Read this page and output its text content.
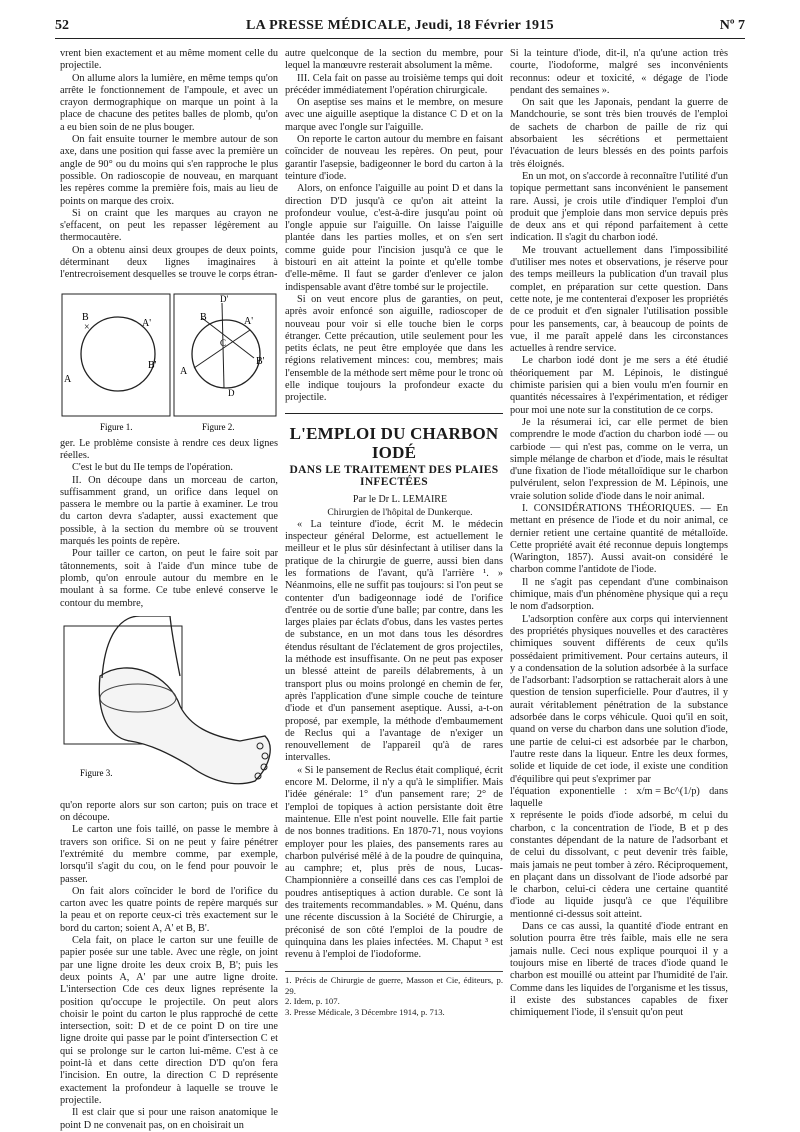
52	LA PRESSE MÉDICALE, Jeudi, 18 Février 1915	Nº 7

vrent bien exactement et au même moment celle du projectile.

On allume alors la lumière, en même temps qu'on arrête le fonctionnement de l'ampoule, et avec un crayon dermographique on marque un point à la place de chacune des petites balles de plomb, qu'on a eu bien soin de ne plus bouger.

On fait ensuite tourner le membre autour de son axe, dans une position qui fasse avec la première un angle de 90° ou du moins qui s'en rapproche le plus possible. On radioscopie de nouveau, en marquant les repères comme la première fois, mais au lieu de points on marque des croix.

Si on craint que les marques au crayon ne s'effacent, on peut les repasser légèrement au thermocautère.

On a obtenu ainsi deux groupes de deux points, déterminant deux lignes imaginaires à l'entrecroisement desquelles se trouve le corps étran-

B
×	A'
A
B'
B
D'
A'
C
B'
A
D
Figure 1.	Figure 2.

ger. Le problème consiste à rendre ces deux lignes réelles.

C'est le but du IIe temps de l'opération.

II. On découpe dans un morceau de carton, suffisamment grand, un orifice dans lequel on passera le membre ou la partie à examiner. Le trou du carton devra s'adapter, aussi exactement que possible, à la section du membre où se trouvent marqués les points de repère.

Pour tailler ce carton, on peut le faire soit par tâtonnements, soit à l'aide d'un mince tube de plomb, qu'on enroule autour du membre en le moulant à sa forme. Ce tube enlevé conserve le contour du membre,

Figure 3.

qu'on reporte alors sur son carton; puis on trace et on découpe.

Le carton une fois taillé, on passe le membre à travers son orifice. Si on ne peut y faire pénétrer l'extrémité du membre comme, par exemple, lorsqu'il s'agit du cou, on le fend pour pouvoir le passer.

On fait alors coïncider le bord de l'orifice du carton avec les quatre points de repère marqués sur la peau et on reporte ceux-ci très exactement sur le bord du carton; soient A, A' et B, B'.

Cela fait, on place le carton sur une feuille de papier posée sur une table. Avec une règle, on joint par une ligne droite les deux croix B, B'; puis les deux points A, A' par une autre ligne droite. L'intersection Cde ces deux lignes représente la position qu'occupe le projectile. On peut alors choisir le point du carton le plus rapproché de cette intersection, soit: D et de ce point D on tire une ligne droite qui passe par le point d'intersection C et qui se prolonge sur le carton lui-même. C'est à ce point-là et dans cette direction D'D qu'on fera l'incision. En outre, la direction C D représente exactement la profondeur à laquelle se trouve le projectile.

Il est clair que si pour une raison anatomique le point D ne convenait pas, on en choisirait un

autre quelconque de la section du membre, pour lequel la manœuvre resterait absolument la même.

III. Cela fait on passe au troisième temps qui doit précéder immédiatement l'opération chirurgicale.

On aseptise ses mains et le membre, on mesure avec une aiguille aseptique la distance C D et on la marque avec l'ongle sur l'aiguille.

On reporte le carton autour du membre en faisant coïncider de nouveau les repères. On peut, pour garantir l'asepsie, badigeonner le bord du carton à la teinture d'iode.

Alors, on enfonce l'aiguille au point D et dans la direction D'D jusqu'à ce qu'on ait atteint la profondeur voulue, c'est-à-dire jusqu'au point où l'ongle appuie sur l'aiguille. On laisse l'aiguille plantée dans les parties molles, et on s'en sert comme guide pour l'incision jusqu'à ce que le bistouri en ait atteint la pointe et qu'elle tombe d'elle-même. Il faut se garder d'enlever ce jalon indispensable avant d'être tombé sur le projectile.

Si on veut encore plus de garanties, on peut, après avoir enfoncé son aiguille, radioscoper de nouveau pour voir si elle touche bien le corps étranger. Cette précaution, utile seulement pour les petits éclats, ne peut être employée que dans les régions relativement minces: cou, membres; mais l'ensemble de la méthode sert même pour le tronc où elle indique toujours la profondeur exacte du projectile.

L'EMPLOI DU CHARBON IODÉ
DANS LE TRAITEMENT DES PLAIES INFECTÉES

Par le Dr L. LEMAIRE

Chirurgien de l'hôpital de Dunkerque.

« La teinture d'iode, écrit M. le médecin inspecteur général Delorme, est actuellement le meilleur et le plus sûr désinfectant à utiliser dans la pratique de la chirurgie de guerre, aussi bien dans les formations de l'avant, qu'à l'arrière ¹. » Néanmoins, elle ne suffit pas toujours: si l'on peut se contenter d'un badigeonnage iodé de l'orifice d'entrée ou de sortie d'une balle; par contre, dans les larges plaies par éclats d'obus, dans les vastes pertes de substance, en un mot dans tous les désordres étendus résultant de l'éclatement de gros projectiles, la méthode est insuffisante. On ne peut pas exposer un blessé atteint de pareils délabrements, à un transport plus ou moins prolongé en chemin de fer, après l'application d'une simple couche de teinture d'iode et d'un pansement aseptique. Aussi, a-t-on proposé, par exemple, la méthode d'embaumement de Reclus qui a l'avantage de n'exiger un renouvellement de l'appareil qu'à de rares intervalles.

« Si le pansement de Reclus était compliqué, écrit encore M. Delorme, il n'y a qu'à le simplifier. Mais l'idée générale: 1° d'un pansement rare; 2° de l'emploi de topiques à action persistante doit être maintenue. Elle n'est point nouvelle. Elle fait partie de nos bonnes traditions. En 1870-71, nous voyions employer pour les plaies, des pansements rares au charbon pulvérisé mêlé à de la poudre de quinquina, au camphre; et, plus près de nous, Lucas-Championnière a conseillé dans ces cas l'emploi de poudres antiseptiques à action durable. Ce sont là des traitements recommandables. » M. Quénu, dans une récente discussion à la Société de Chirurgie, a préconisé de son côté l'emploi de la poudre de quinquina dans les plaies infectées. M. Chaput ³ est revenu à l'emploi de l'iodoforme.

1. Précis de Chirurgie de guerre, Masson et Cie, éditeurs, p. 29.
2. Idem, p. 107.
3. Presse Médicale, 3 Décembre 1914, p. 713.

Si la teinture d'iode, dit-il, n'a qu'une action très courte, l'iodoforme, malgré ses inconvénients reconnus: odeur et toxicité, « dégage de l'iode pendant des semaines ».

On sait que les Japonais, pendant la guerre de Mandchourie, se sont très bien trouvés de l'emploi de sachets de charbon de paille de riz qui absorbaient les sécrétions et permettaient l'évacuation de leurs blessés en des points parfois très éloignés.

En un mot, on s'accorde à reconnaître l'utilité d'un topique permettant sans inconvénient le pansement rare. Aussi, je crois utile d'indiquer l'emploi d'un produit que j'emploie dans mon service depuis près de deux ans et qui répond parfaitement à cette indication. Il s'agit du charbon iodé.

Me trouvant actuellement dans l'impossibilité d'utiliser mes notes et observations, je réserve pour des temps meilleurs la publication d'un travail plus complet, en préparation sur cette question. Dans cette note, je me contenterai d'exposer les propriétés de ce produit et d'en signaler l'utilisation possible pour les pansements, car, à beaucoup de points de vue, il me paraît appelé dans les circonstances actuelles à rendre service.

Le charbon iodé dont je me sers a été étudié théoriquement par M. Lépinois, le distingué chimiste parisien qui a bien voulu m'en fournir en quantités nécessaires à l'expérimentation, et rédiger pour moi une note sur la constitution de ce corps.

Je la résumerai ici, car elle permet de bien comprendre le mode d'action du charbon iodé — ou carbiode — qui n'est pas, comme on le verra, un simple mélange de charbon et d'iode, mais le résultat d'une fixation de l'iode métalloïdique sur le charbon pulvérulent, selon l'expression de M. Lépinois, une vraie solution solide d'iode dans le noir animal.

I. CONSIDÉRATIONS THÉORIQUES. — En mettant en présence de l'iode et du noir animal, ce dernier retient une certaine quantité de métalloïde. Cette propriété avait été reconnue depuis longtemps (Warington, 1857). Aussi avait-on considéré le charbon comme l'antidote de l'iode.

Il ne s'agit pas cependant d'une combinaison chimique, mais d'un phénomène physique qui a reçu le nom d'adsorption.

L'adsorption confère aux corps qui interviennent des propriétés physiques nouvelles et des caractères chimiques souvent différents de ceux qu'ils possédaient primitivement. Pour certains auteurs, il y a condensation de la solution adsorbée à la surface de l'adsorbant: l'adsorption se rattacherait alors à une question de tension superficielle. Pour d'autres, il y aurait véritablement pénétration de la substance adsorbée dans le corps véhicule. Quoi qu'il en soit, quand on verse du charbon dans une solution d'iode, une partie de celui-ci est adsorbée par le charbon, l'autre reste dans la liqueur. Entre les deux formes, solide et liquide de cet iode, il existe une condition d'équilibre qui peut s'exprimer par

l'équation exponentielle : x/m = Bc^(1/p) dans laquelle

x représente le poids d'iode adsorbé, m celui du charbon, c la concentration de l'iode, B et p des constantes dépendant de la nature de l'adsorbant et de celui du dissolvant, c peut devenir très faible, mais jamais ne peut tomber à zéro. Réciproquement, en plaçant dans un dissolvant de l'iode adsorbé par le charbon, celui-ci cèdera une certaine quantité d'iode au liquide jusqu'à ce que l'équilibre mentionné ci-dessus soit atteint.

Dans ce cas aussi, la quantité d'iode entrant en solution pourra être très faible, mais elle ne sera jamais nulle. Ceci nous explique pourquoi il y a toujours mise en liberté de traces d'iode quand le charbon est mouillé ou atteint par l'humidité de l'air. Comme dans les liquides de l'organisme et les tissus, il existe des substances capables de fixer chimiquement l'iode, il s'ensuit qu'on peut
